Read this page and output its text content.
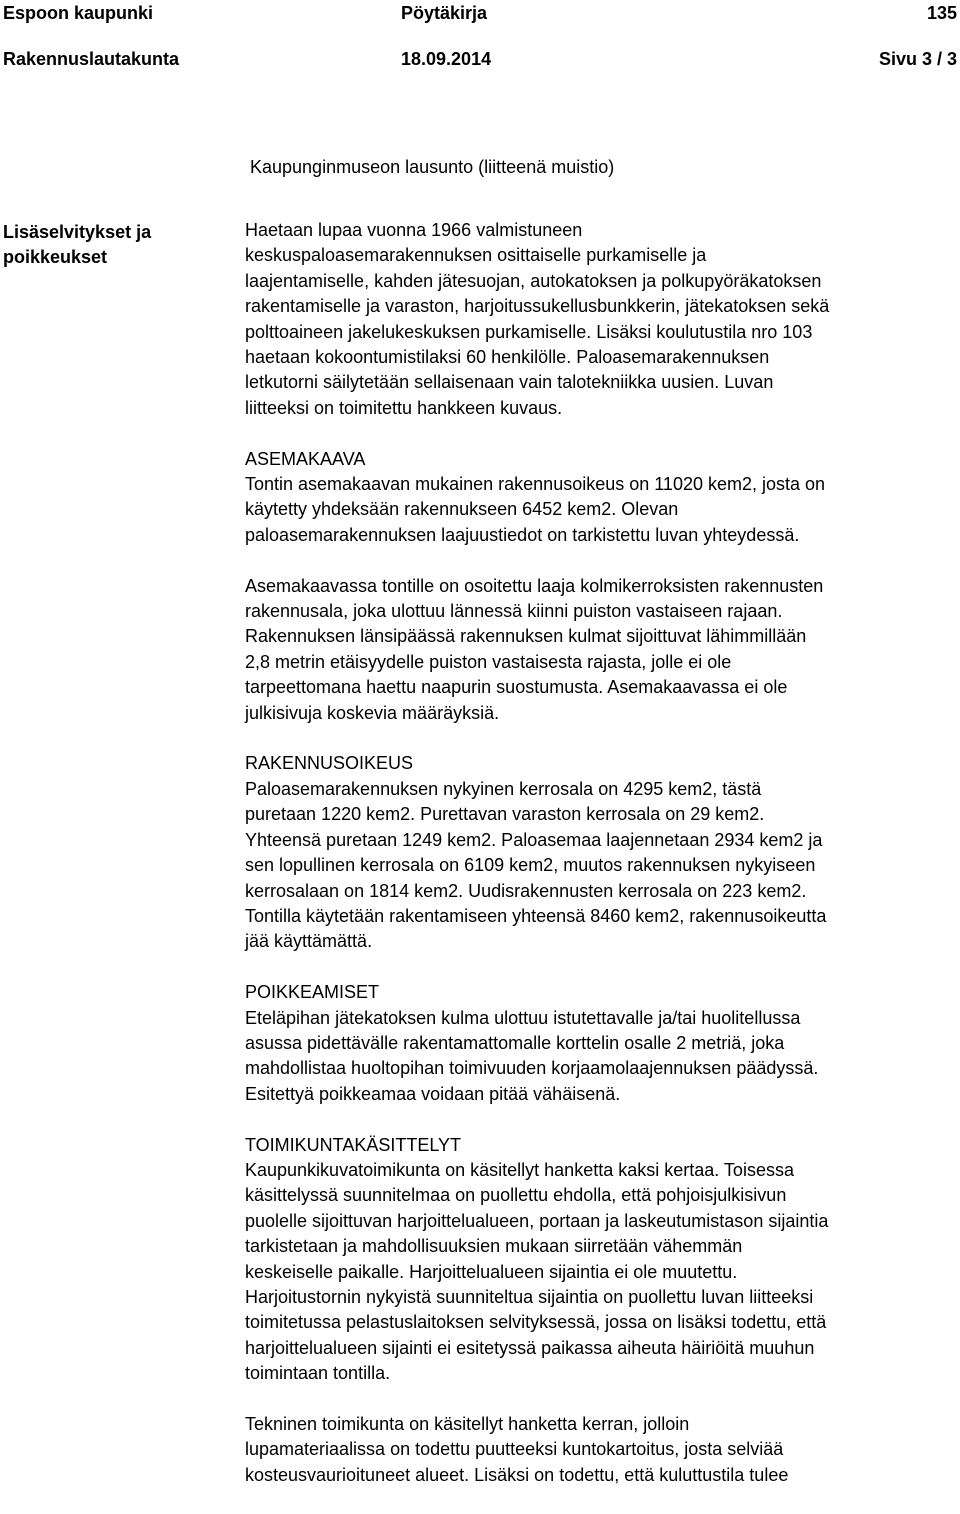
Espoon kaupunki	Pöytäkirja	135
Rakennuslautakunta	18.09.2014	Sivu 3 / 3
Kaupunginmuseon lausunto (liitteenä muistio)
Lisäselvitykset ja
poikkeukset

Haetaan lupaa vuonna 1966 valmistuneen
keskuspaloasemarakennuksen osittaiselle purkamiselle ja
laajentamiselle, kahden jätesuojan, autokatoksen ja polkupyöräkatoksen
rakentamiselle ja varaston, harjoitussukellusbunkkerin, jätekatoksen sekä
polttoaineen jakelukeskuksen purkamiselle. Lisäksi koulutustila nro 103
haetaan kokoontumistilaksi 60 henkilölle. Paloasemarakennuksen
letkutorni säilytetään sellaisenaan vain talotekniikka uusien. Luvan
liitteeksi on toimitettu hankkeen kuvaus.

ASEMAKAAVA
Tontin asemakaavan mukainen rakennusoikeus on 11020 kem2, josta on
käytetty yhdeksään rakennukseen 6452 kem2. Olevan
paloasemarakennuksen laajuustiedot on tarkistettu luvan yhteydessä.

Asemakaavassa tontille on osoitettu laaja kolmikerroksisten rakennusten
rakennusala, joka ulottuu lännessä kiinni puiston vastaiseen rajaan.
Rakennuksen länsipäässä rakennuksen kulmat sijoittuvat lähimmillään
2,8 metrin etäisyydelle puiston vastaisesta rajasta, jolle ei ole
tarpeettomana haettu naapurin suostumusta. Asemakaavassa ei ole
julkisivuja koskevia määräyksiä.

RAKENNUSOIKEUS
Paloasemarakennuksen nykyinen kerrosala on 4295 kem2, tästä
puretaan 1220 kem2. Purettavan varaston kerrosala on 29 kem2.
Yhteensä puretaan 1249 kem2. Paloasemaa laajennetaan 2934 kem2 ja
sen lopullinen kerrosala on 6109 kem2, muutos rakennuksen nykyiseen
kerrosalaan on 1814 kem2. Uudisrakennusten kerrosala on 223 kem2.
Tontilla käytetään rakentamiseen yhteensä 8460 kem2, rakennusoikeutta
jää käyttämättä.

POIKKEAMISET
Eteläpihan jätekatoksen kulma ulottuu istutettavalle ja/tai huolitellussa
asussa pidettävälle rakentamattomalle korttelin osalle 2 metriä, joka
mahdollistaa huoltopihan toimivuuden korjaamolaajennuksen päädyssä.
Esitettyä poikkeamaa voidaan pitää vähäisenä.

TOIMIKUNTAKÄSITTELYT
Kaupunkikuvatoimikunta on käsitellyt hanketta kaksi kertaa. Toisessa
käsittelyssä suunnitelmaa on puollettu ehdolla, että pohjoisjulkisivun
puolelle sijoittuvan harjoittelualueen, portaan ja laskeutumistason sijaintia
tarkistetaan ja mahdollisuuksien mukaan siirretään vähemmän
keskeiselle paikalle. Harjoittelualueen sijaintia ei ole muutettu.
Harjoitustornin nykyistä suunniteltua sijaintia on puollettu luvan liitteeksi
toimitetussa pelastuslaitoksen selvityksessä, jossa on lisäksi todettu, että
harjoittelualueen sijainti ei esitetyssä paikassa aiheuta häiriöitä muuhun
toimintaan tontilla.

Tekninen toimikunta on käsitellyt hanketta kerran, jolloin
lupamateriaalissa on todettu puutteeksi kuntokartoitus, josta selviää
kosteusvaurioituneet alueet. Lisäksi on todettu, että kuluttustila tulee
